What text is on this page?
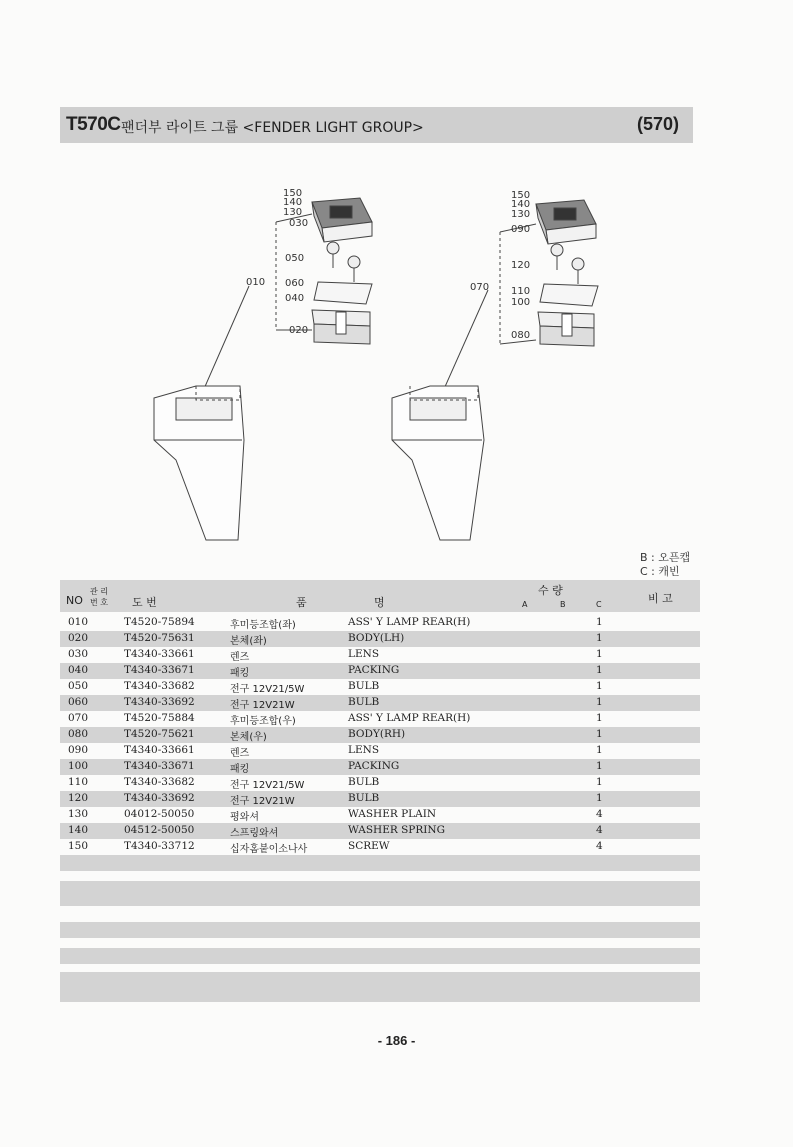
T570C 팬더부 라이트 그룹 <FENDER LIGHT GROUP>	(570)
150
140
130
030
050
060
040
020
010
150
140
130
090
120
110
100
080
070
B : 오픈캡
C : 캐빈
NO
관 리
번 호 도 번	품	명
수 량
A	B	C	비 고
010	T4520-75894	후미등조합(좌)	ASS' Y LAMP REAR(H)	1
020	T4520-75631	본체(좌)	BODY(LH)	1
030	T4340-33661	렌즈	LENS	1
040	T4340-33671	패킹	PACKING	1
050	T4340-33682	전구 12V21/5W	BULB	1
060	T4340-33692	전구 12V21W	BULB	1
070	T4520-75884	후미등조합(우)	ASS' Y LAMP REAR(H)	1
080	T4520-75621	본체(우)	BODY(RH)	1
090	T4340-33661	렌즈	LENS	1
100	T4340-33671	패킹	PACKING	1
110	T4340-33682	전구 12V21/5W	BULB	1
120	T4340-33692	전구 12V21W	BULB	1
130	04012-50050	평와셔	WASHER PLAIN	4
140	04512-50050	스프링와셔	WASHER SPRING	4
150	T4340-33712	십자홈붙이소나사	SCREW	4
- 186 -
